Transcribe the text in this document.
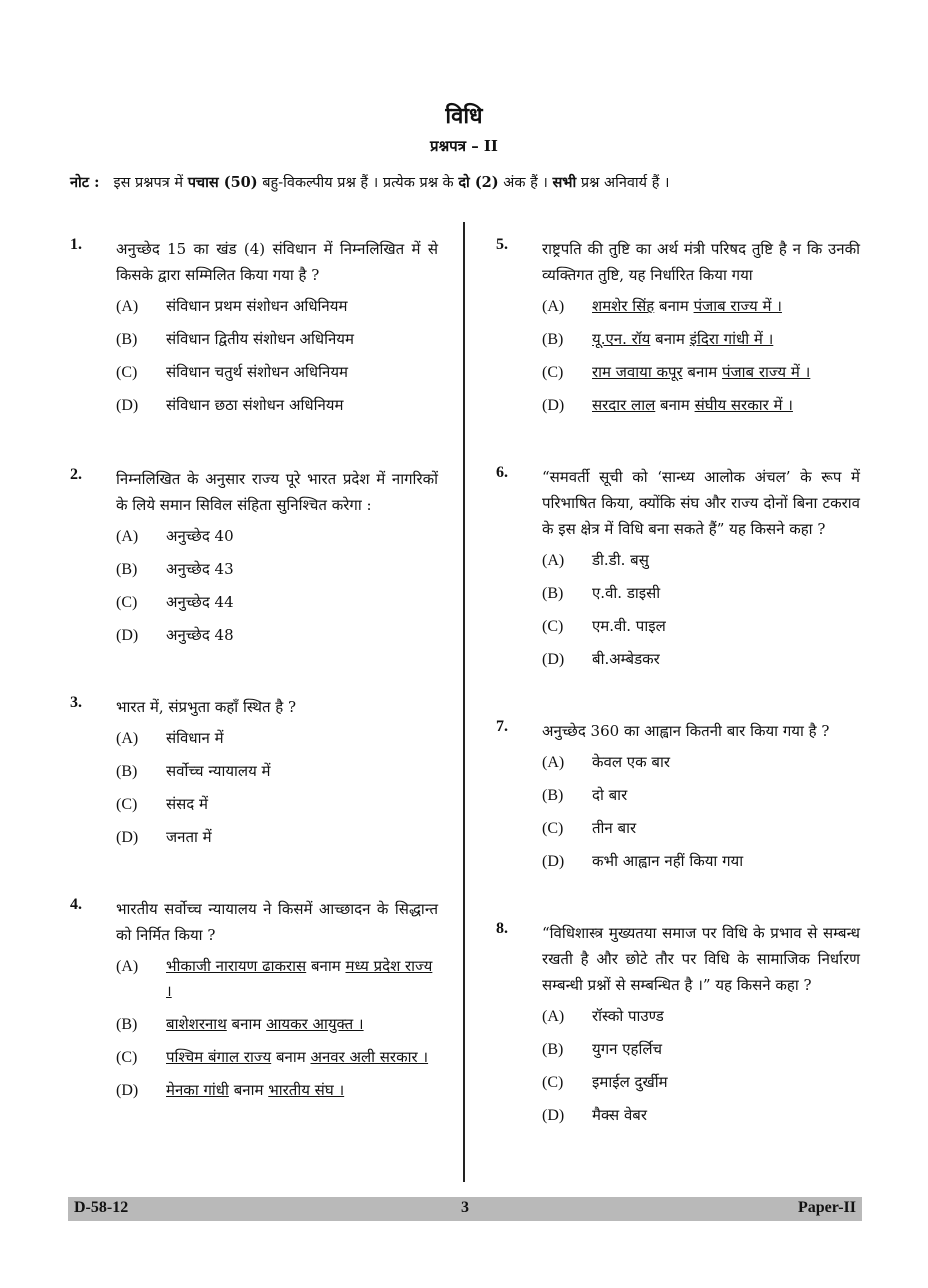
विधि
प्रश्नपत्र – II
नोट : इस प्रश्नपत्र में पचास (50) बहु-विकल्पीय प्रश्न हैं । प्रत्येक प्रश्न के दो (2) अंक हैं । सभी प्रश्न अनिवार्य हैं ।
1. अनुच्छेद 15 का खंड (4) संविधान में निम्नलिखित में से किसके द्वारा सम्मिलित किया गया है ?
(A) संविधान प्रथम संशोधन अधिनियम
(B) संविधान द्वितीय संशोधन अधिनियम
(C) संविधान चतुर्थ संशोधन अधिनियम
(D) संविधान छठा संशोधन अधिनियम
2. निम्नलिखित के अनुसार राज्य पूरे भारत प्रदेश में नागरिकों के लिये समान सिविल संहिता सुनिश्चित करेगा :
(A) अनुच्छेद 40
(B) अनुच्छेद 43
(C) अनुच्छेद 44
(D) अनुच्छेद 48
3. भारत में, संप्रभुता कहाँ स्थित है ?
(A) संविधान में
(B) सर्वोच्च न्यायालय में
(C) संसद में
(D) जनता में
4. भारतीय सर्वोच्च न्यायालय ने किसमें आच्छादन के सिद्धान्त को निर्मित किया ?
(A) भीकाजी नारायण ढाकरास बनाम मध्य प्रदेश राज्य ।
(B) बाशेशरनाथ बनाम आयकर आयुक्त ।
(C) पश्चिम बंगाल राज्य बनाम अनवर अली सरकार ।
(D) मेनका गांधी बनाम भारतीय संघ ।
5. राष्ट्रपति की तुष्टि का अर्थ मंत्री परिषद तुष्टि है न कि उनकी व्यक्तिगत तुष्टि, यह निर्धारित किया गया
(A) शमशेर सिंह बनाम पंजाब राज्य में ।
(B) यू.एन. रॉय बनाम इंदिरा गांधी में ।
(C) राम जवाया कपूर बनाम पंजाब राज्य में ।
(D) सरदार लाल बनाम संघीय सरकार में ।
6. “समवर्ती सूची को ‘सान्ध्य आलोक अंचल’ के रूप में परिभाषित किया, क्योंकि संघ और राज्य दोनों बिना टकराव के इस क्षेत्र में विधि बना सकते हैं” यह किसने कहा ?
(A) डी.डी. बसु
(B) ए.वी. डाइसी
(C) एम.वी. पाइल
(D) बी.अम्बेडकर
7. अनुच्छेद 360 का आह्वान कितनी बार किया गया है ?
(A) केवल एक बार
(B) दो बार
(C) तीन बार
(D) कभी आह्वान नहीं किया गया
8. “विधिशास्त्र मुख्यतया समाज पर विधि के प्रभाव से सम्बन्ध रखती है और छोटे तौर पर विधि के सामाजिक निर्धारण सम्बन्धी प्रश्नों से सम्बन्धित है ।” यह किसने कहा ?
(A) रॉस्को पाउण्ड
(B) युगन एहर्लिच
(C) इमाईल दुर्खीम
(D) मैक्स वेबर
3
D-58-12	Paper-II
